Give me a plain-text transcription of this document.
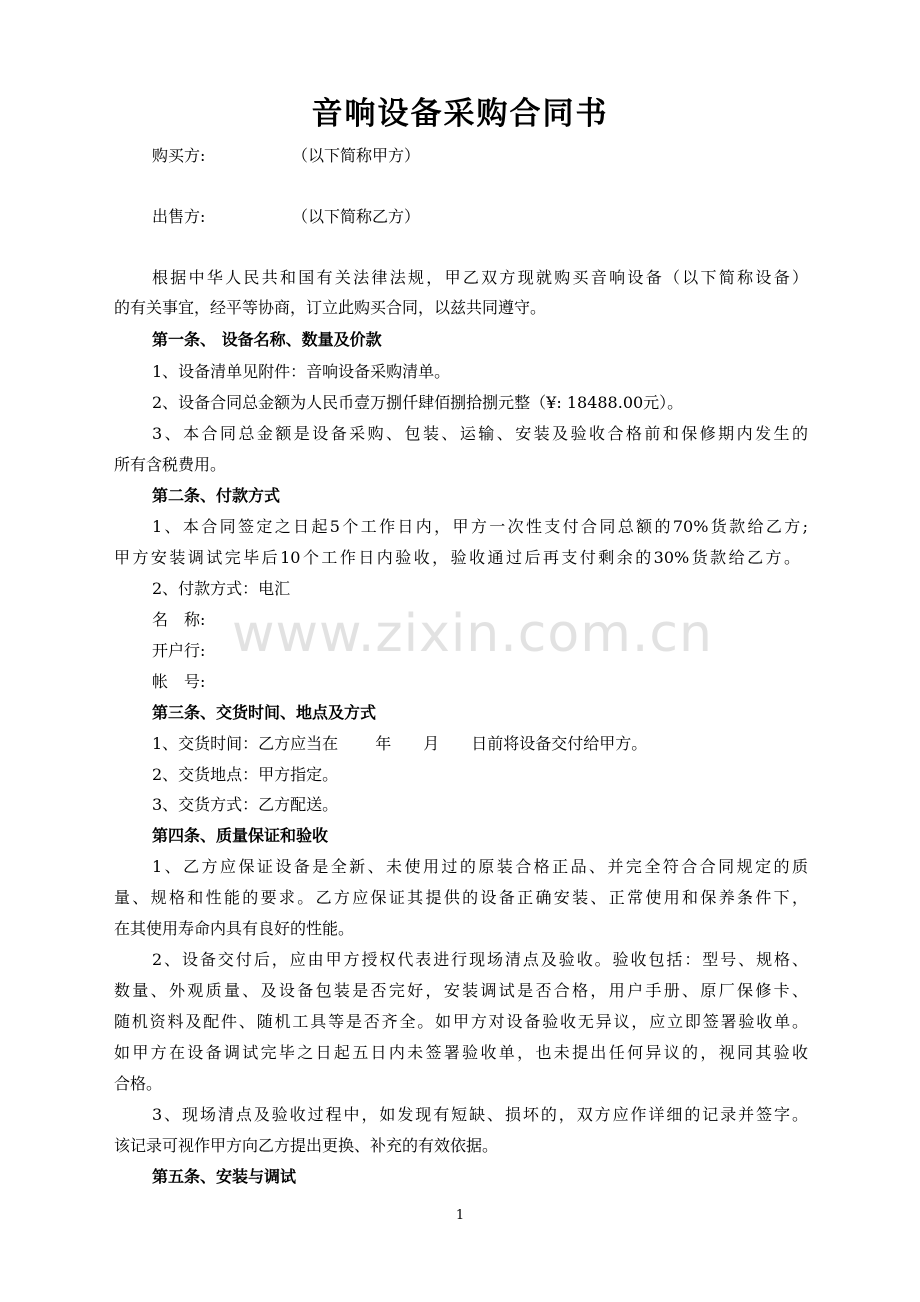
音响设备采购合同书
购买方:	（以下简称甲方）
出售方:	（以下简称乙方）
根据中华人民共和国有关法律法规，甲乙双方现就购买音响设备（以下简称设备）
的有关事宜，经平等协商，订立此购买合同，以兹共同遵守。
第一条、 设备名称、数量及价款
1、设备清单见附件：音响设备采购清单。
2、设备合同总金额为人民币壹万捌仟肆佰捌拾捌元整（¥: 18488.00元）。
3、本合同总金额是设备采购、包装、运输、安装及验收合格前和保修期内发生的
所有含税费用。
第二条、付款方式
1、本合同签定之日起5个工作日内，甲方一次性支付合同总额的70%货款给乙方;
甲方安装调试完毕后10个工作日内验收，验收通过后再支付剩余的30%货款给乙方。
2、付款方式：电汇
名　称:
开户行:
帐　号:
第三条、交货时间、地点及方式
1、交货时间：乙方应当在　　 年　　月　　日前将设备交付给甲方。
2、交货地点：甲方指定。
3、交货方式：乙方配送。
第四条、质量保证和验收
1、乙方应保证设备是全新、未使用过的原装合格正品、并完全符合合同规定的质
量、规格和性能的要求。乙方应保证其提供的设备正确安装、正常使用和保养条件下，
在其使用寿命内具有良好的性能。
2、设备交付后，应由甲方授权代表进行现场清点及验收。验收包括：型号、规格、
数量、外观质量、及设备包装是否完好，安装调试是否合格，用户手册、原厂保修卡、
随机资料及配件、随机工具等是否齐全。如甲方对设备验收无异议，应立即签署验收单。
如甲方在设备调试完毕之日起五日内未签署验收单，也未提出任何异议的，视同其验收
合格。
3、现场清点及验收过程中，如发现有短缺、损坏的，双方应作详细的记录并签字。
该记录可视作甲方向乙方提出更换、补充的有效依据。
第五条、安装与调试
www.zixin.com.cn
1
